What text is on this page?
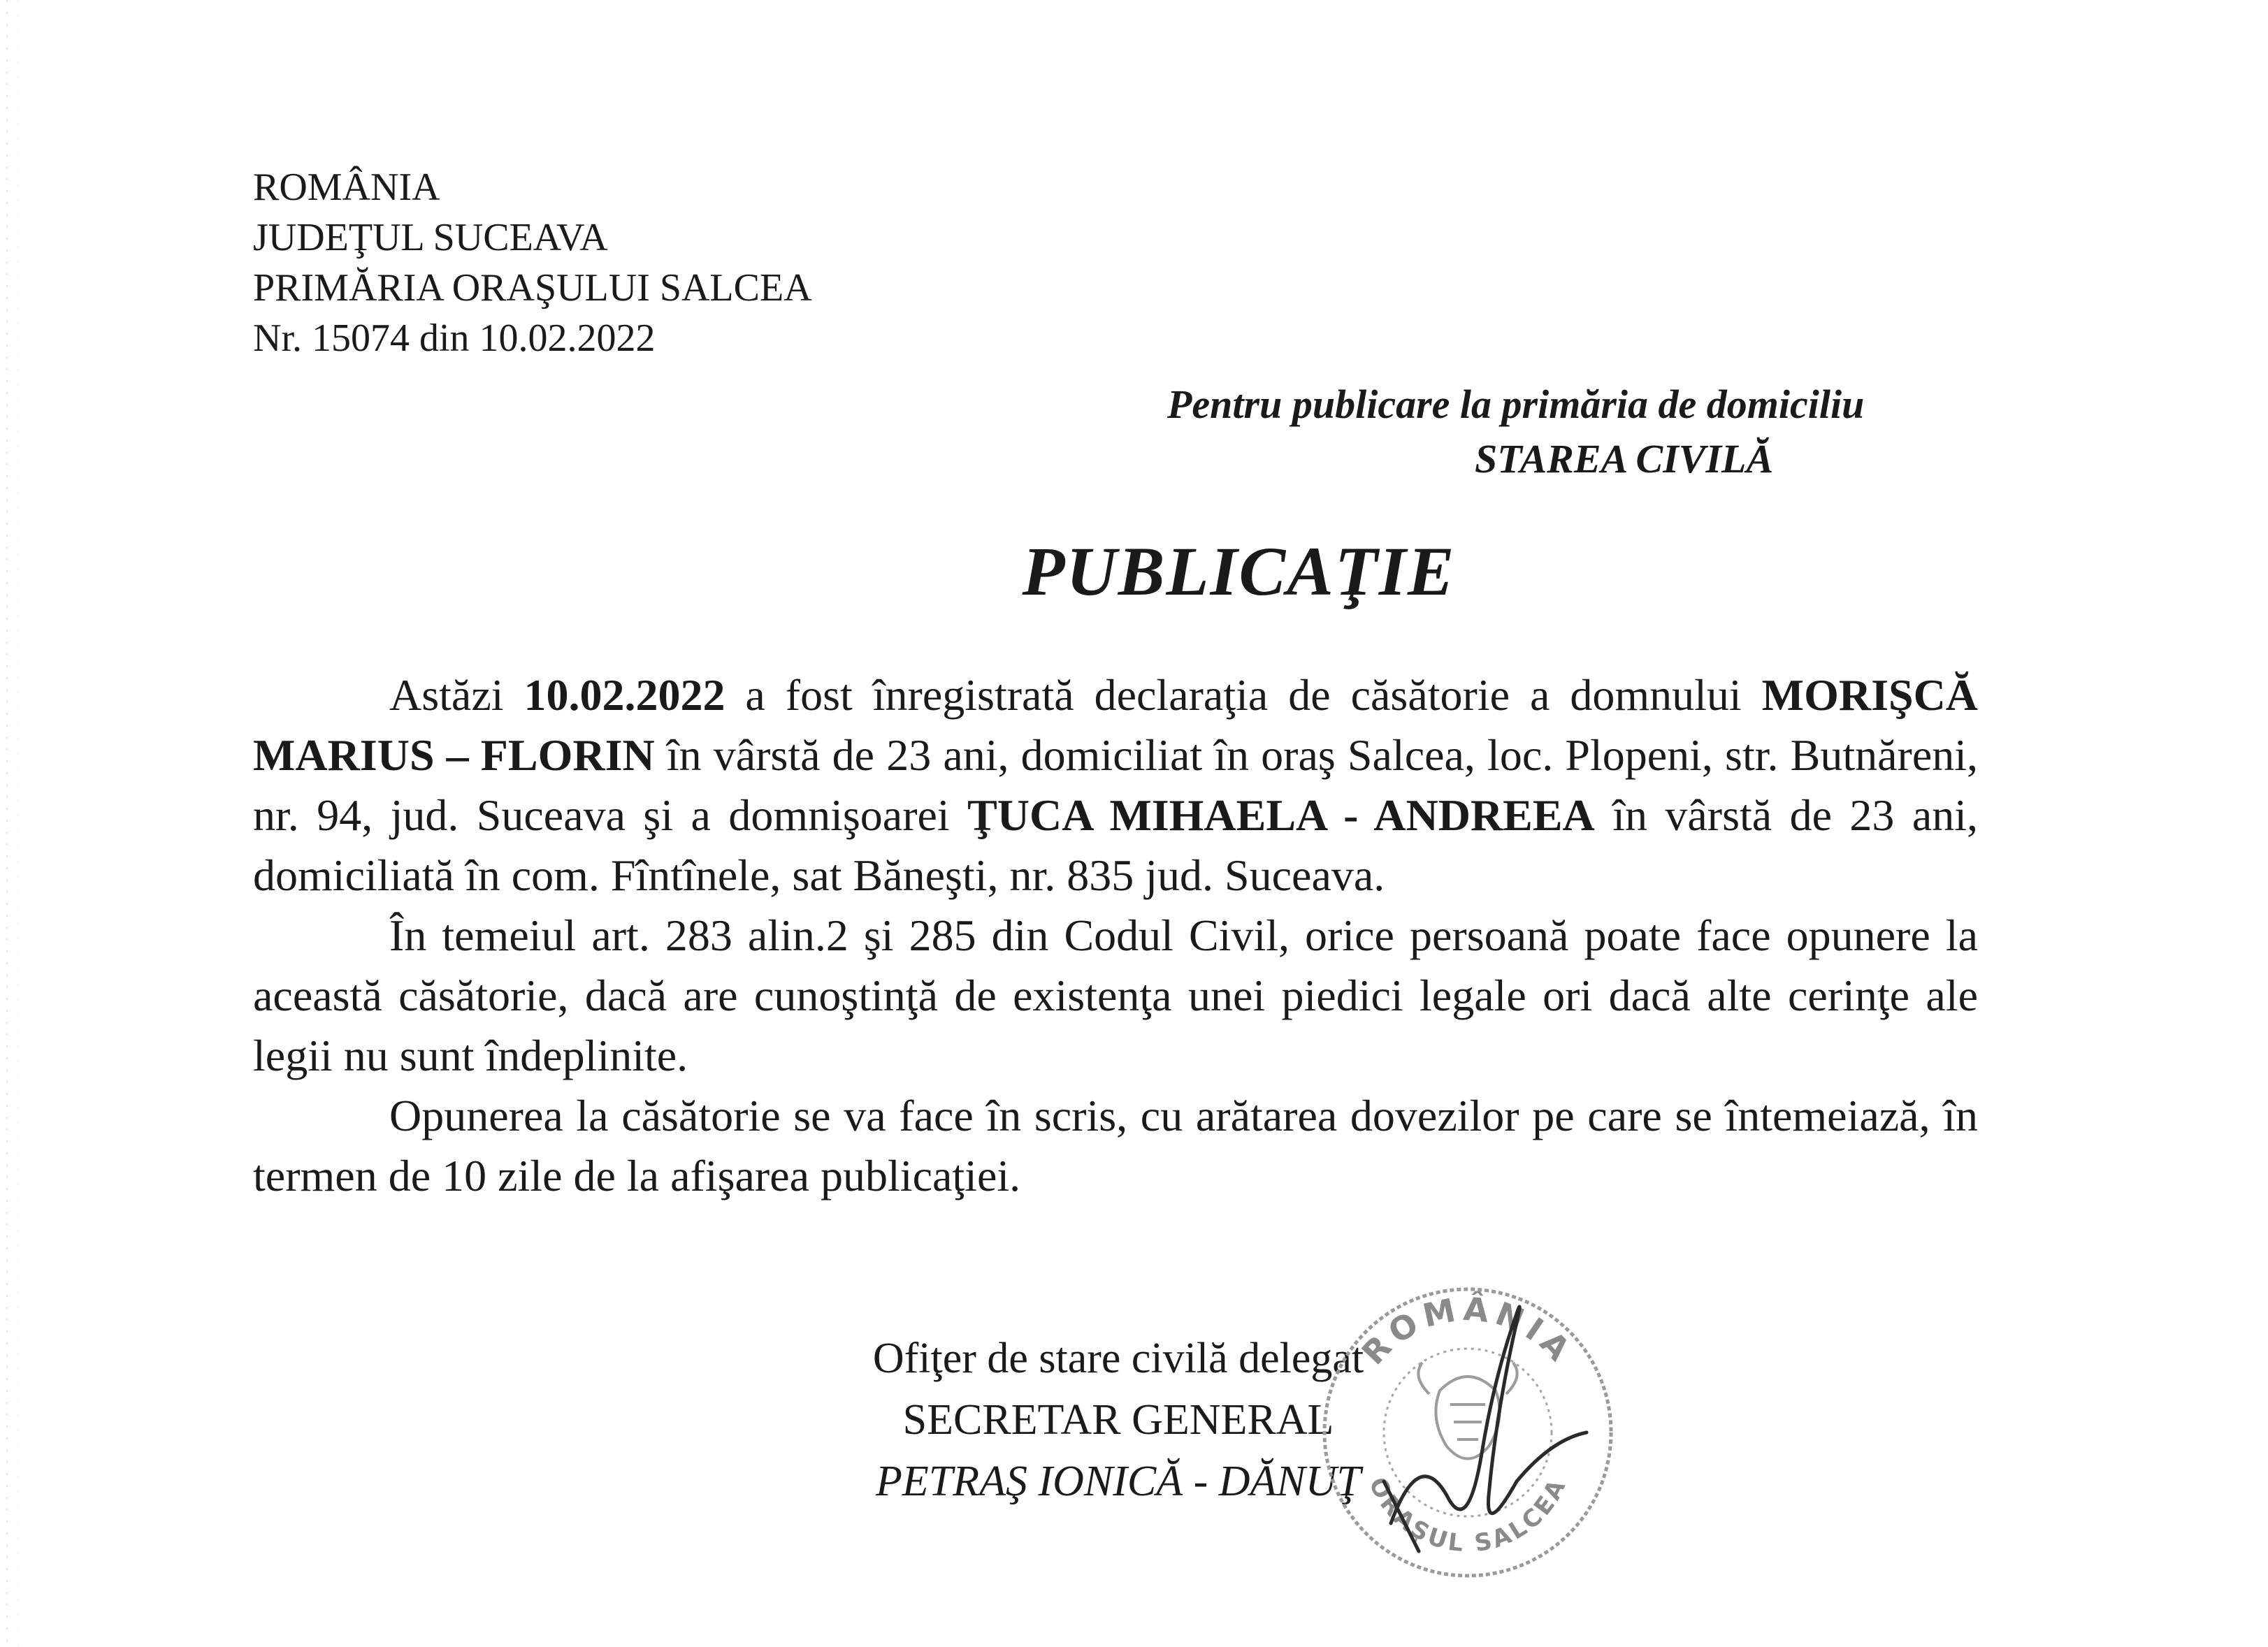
ROMÂNIA
JUDEŢUL SUCEAVA
PRIMĂRIA ORAŞULUI SALCEA
Nr. 15074 din 10.02.2022
Pentru publicare la primăria de domiciliu
STAREA CIVILĂ
PUBLICAŢIE

Astăzi 10.02.2022 a fost înregistrată declaraţia de căsătorie a domnului MORIŞCĂ MARIUS – FLORIN în vârstă de 23 ani, domiciliat în oraş Salcea, loc. Plopeni, str. Butnăreni, nr. 94, jud. Suceava şi a domnişoarei ŢUCA MIHAELA - ANDREEA în vârstă de 23 ani, domiciliată în com. Fîntînele, sat Băneşti, nr. 835 jud. Suceava.

În temeiul art. 283 alin.2 şi 285 din Codul Civil, orice persoană poate face opunere la această căsătorie, dacă are cunoştinţă de existenţa unei piedici legale ori dacă alte cerinţe ale legii nu sunt îndeplinite.

Opunerea la căsătorie se va face în scris, cu arătarea dovezilor pe care se întemeiază, în termen de 10 zile de la afişarea publicaţiei.

Ofiţer de stare civilă delegat
SECRETAR GENERAL
PETRAŞ IONICĂ - DĂNUŢ
ROMÂNIA
ORAŞUL SALCEA
